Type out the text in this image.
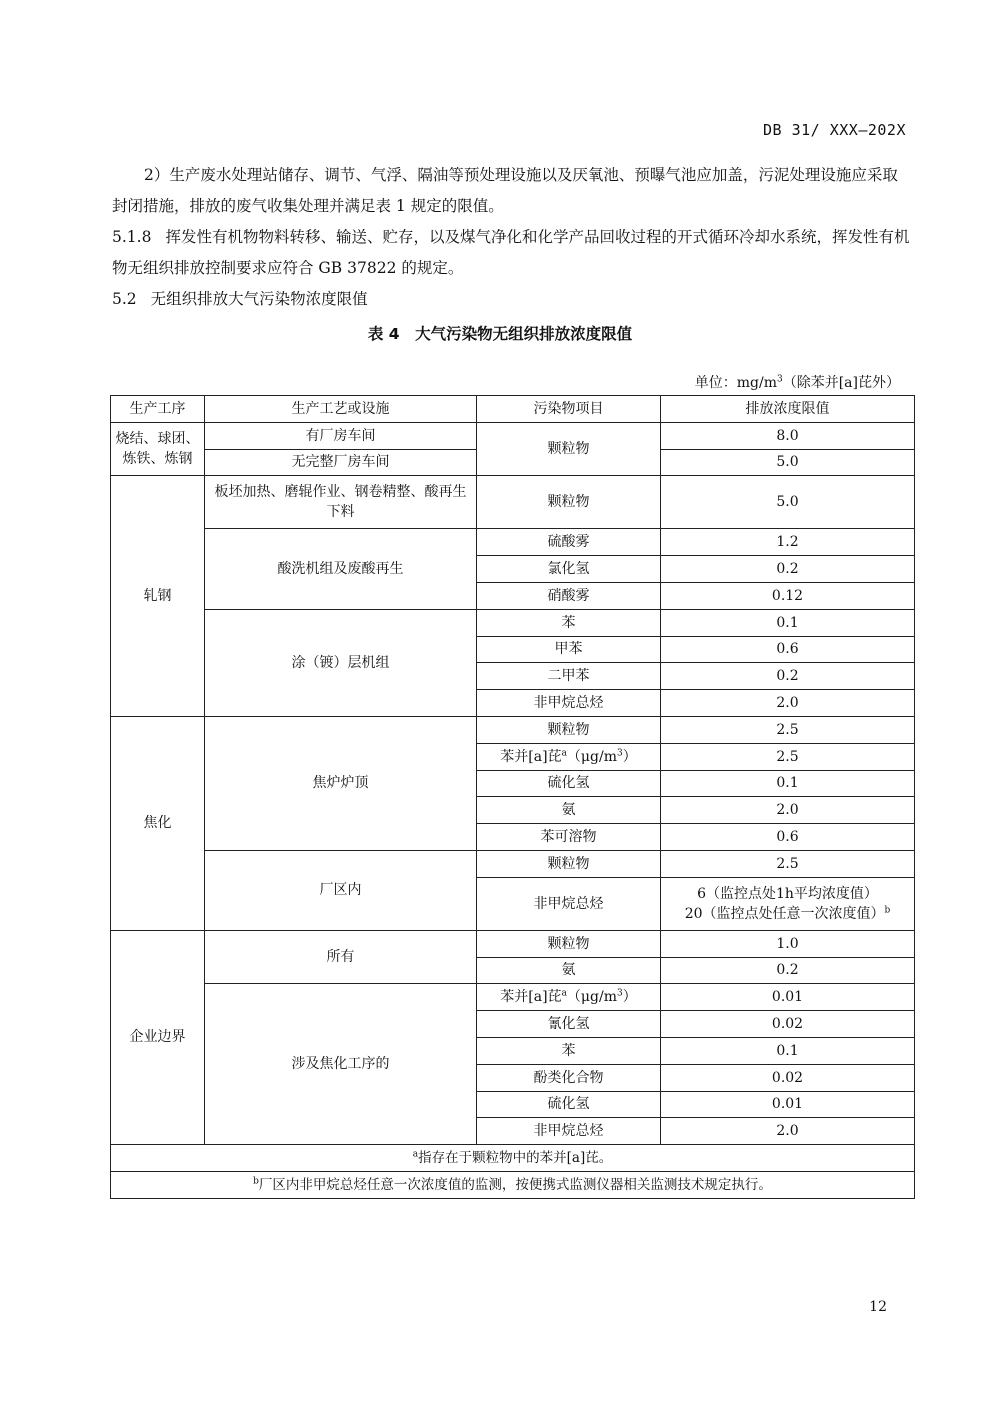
DB 31/ XXX—202X
2）生产废水处理站储存、调节、气浮、隔油等预处理设施以及厌氧池、预曝气池应加盖，污泥处理设施应采取封闭措施，排放的废气收集处理并满足表 1 规定的限值。
5.1.8 挥发性有机物物料转移、输送、贮存，以及煤气净化和化学产品回收过程的开式循环冷却水系统，挥发性有机物无组织排放控制要求应符合 GB 37822 的规定。
5.2 无组织排放大气污染物浓度限值
表 4　大气污染物无组织排放浓度限值
单位：$mg/m^3$（除苯并[a]芘外）
生产工序	生产工艺或设施	污染物项目	排放浓度限值
烧结、球团、炼铁、炼钢	有厂房车间	颗粒物	8.0
	无完整厂房车间		5.0
轧钢	板坯加热、磨辊作业、钢卷精整、酸再生下料	颗粒物	5.0
	酸洗机组及废酸再生	硫酸雾	1.2
		氯化氢	0.2
		硝酸雾	0.12
	涂（镀）层机组	苯	0.1
		甲苯	0.6
		二甲苯	0.2
		非甲烷总烃	2.0
焦化	焦炉炉顶	颗粒物	2.5
		苯并[a]芘$^a(\mu g/m^3)$	2.5
		硫化氢	0.1
		氨	2.0
		苯可溶物	0.6
	厂区内	颗粒物	2.5
		非甲烷总烃	6（监控点处1h平均浓度值）
20（监控点处任意一次浓度值）$^b$

企业边界	所有	颗粒物	1.0
		氨	0.2
	涉及焦化工序的	苯并[a]芘$^a(\mu g/m^3)$	0.01
		氰化氢	0.02
		苯	0.1
		酚类化合物	0.02
		硫化氢	0.01
		非甲烷总烃	2.0
$^a$指存在于颗粒物中的苯并[a]芘。			
$^b$厂区内非甲烷总烃任意一次浓度值的监测，按便携式监测仪器相关监测技术规定执行。			
12
